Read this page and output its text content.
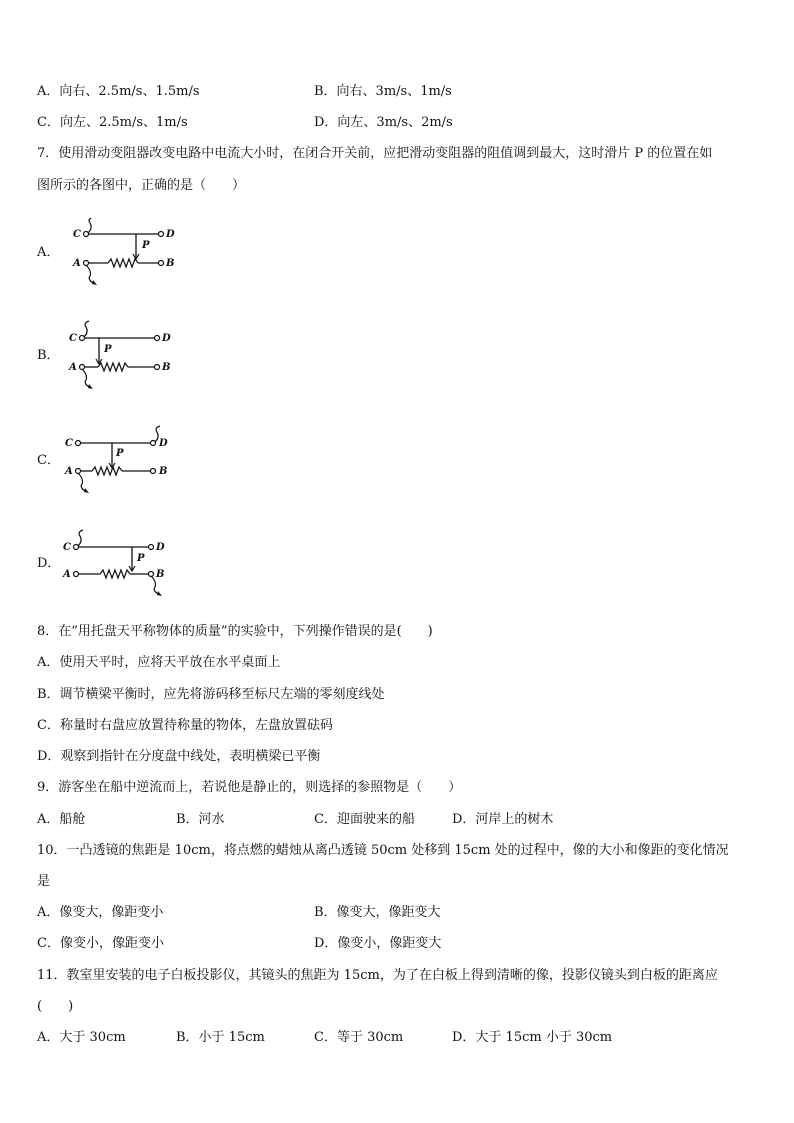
A．向右、2.5m/s、1.5m/s	B．向右、3m/s、1m/s
C．向左、2.5m/s、1m/s	D．向左、3m/s、2m/s
7．使用滑动变阻器改变电路中电流大小时，在闭合开关前，应把滑动变阻器的阻值调到最大，这时滑片 P 的位置在如
图所示的各图中，正确的是（　　）
A．
C	D
P
A	B
B．
C	D
P
A	B
C．
C	D
P
A	B
D．
C	D
P
A	B
8．在“用托盘天平称物体的质量”的实验中，下列操作错误的是(　　)
A．使用天平时，应将天平放在水平桌面上
B．调节横梁平衡时，应先将游码移至标尺左端的零刻度线处
C．称量时右盘应放置待称量的物体，左盘放置砝码
D．观察到指针在分度盘中线处，表明横梁已平衡
9．游客坐在船中逆流而上，若说他是静止的，则选择的参照物是（　　）
A．船舱	B．河水	C．迎面驶来的船	D．河岸上的树木
10．一凸透镜的焦距是 10cm，将点燃的蜡烛从离凸透镜 50cm 处移到 15cm 处的过程中，像的大小和像距的变化情况
是
A．像变大，像距变小	B．像变大，像距变大
C．像变小，像距变小	D．像变小，像距变大
11．教室里安装的电子白板投影仪，其镜头的焦距为 15cm，为了在白板上得到清晰的像，投影仪镜头到白板的距离应
(　　)
A．大于 30cm	B．小于 15cm	C．等于 30cm	D．大于 15cm 小于 30cm
